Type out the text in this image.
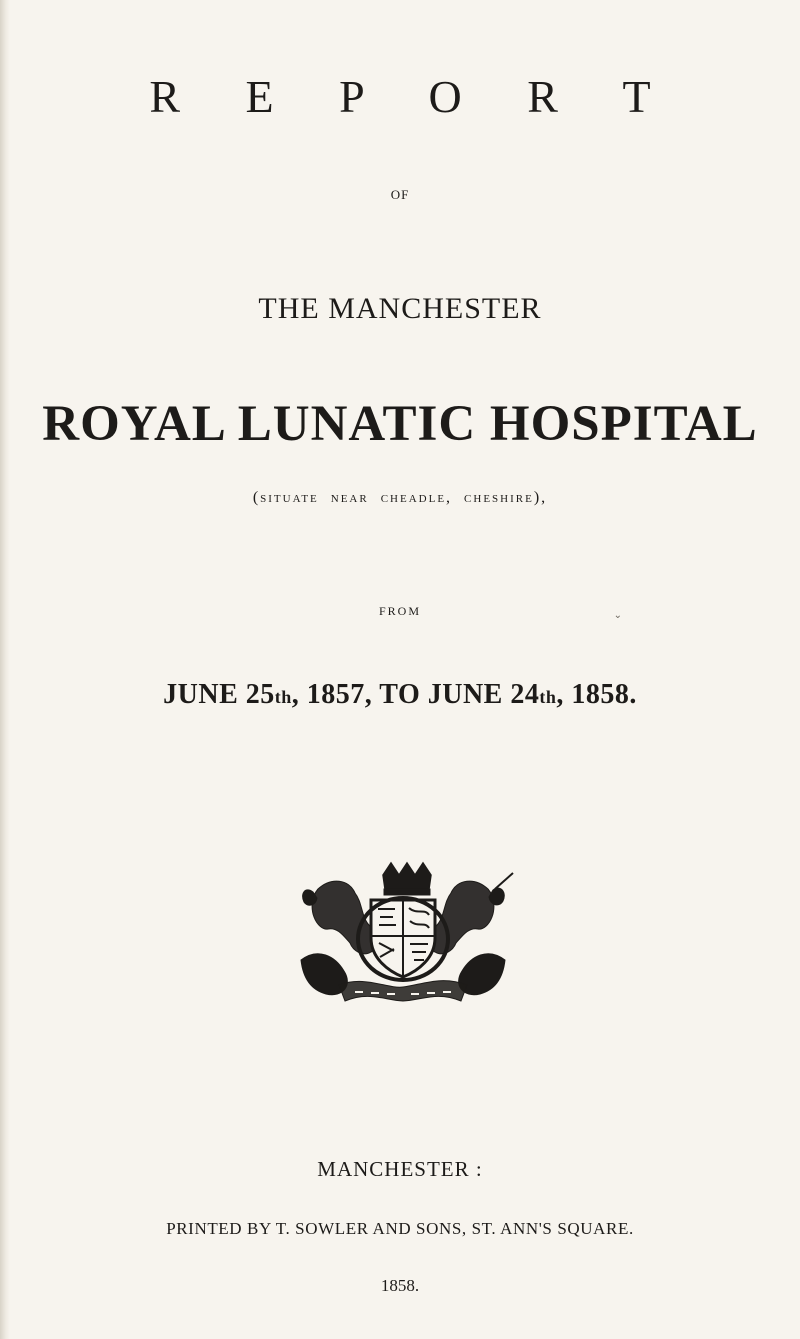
R E P O R T
OF
THE MANCHESTER
ROYAL LUNATIC HOSPITAL
(situate near cheadle, cheshire),
FROM	⌄
JUNE 25th, 1857, TO JUNE 24th, 1858.
MANCHESTER :
PRINTED BY T. SOWLER AND SONS, ST. ANN'S SQUARE.
1858.
